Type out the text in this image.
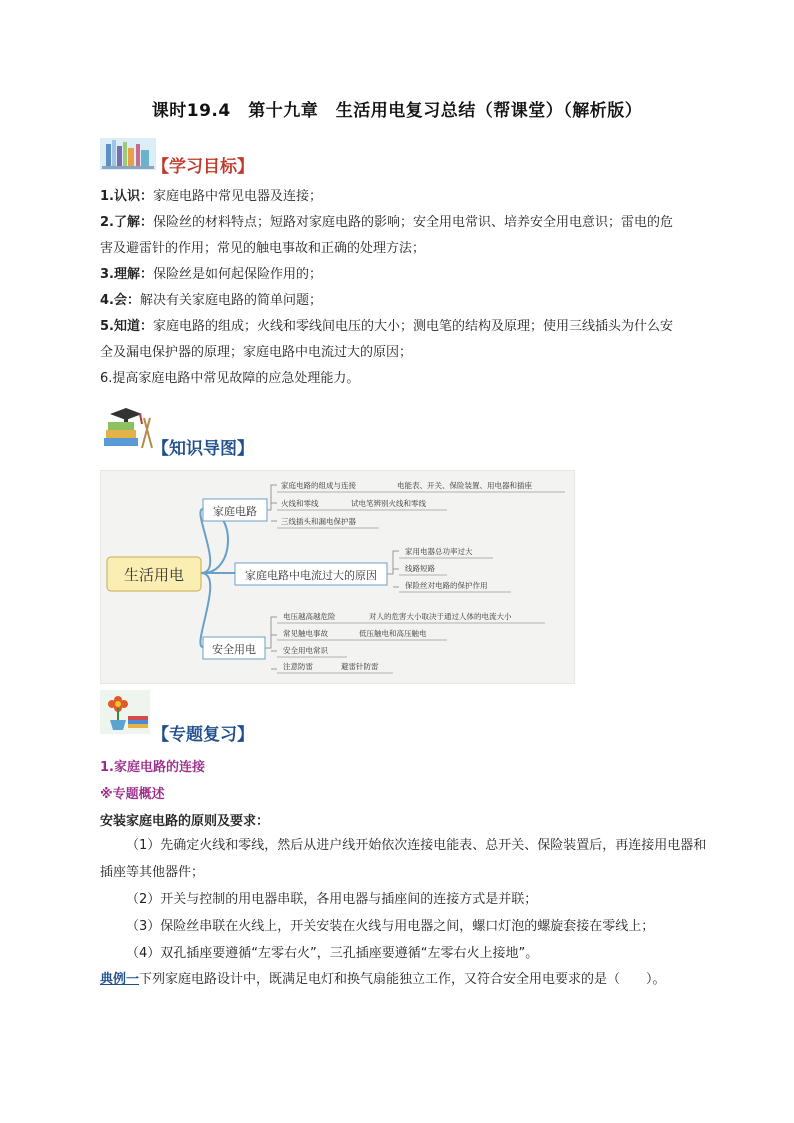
课时19.4　第十九章　生活用电复习总结（帮课堂）（解析版）
【学习目标】
1.认识：家庭电路中常见电器及连接；
2.了解：保险丝的材料特点；短路对家庭电路的影响；安全用电常识、培养安全用电意识；雷电的危
害及避雷针的作用；常见的触电事故和正确的处理方法；
3.理解：保险丝是如何起保险作用的；
4.会：解决有关家庭电路的简单问题；
5.知道：家庭电路的组成；火线和零线间电压的大小；测电笔的结构及原理；使用三线插头为什么安
全及漏电保护器的原理；家庭电路中电流过大的原因；
6.提高家庭电路中常见故障的应急处理能力。
【知识导图】
生活用电
家庭电路
家庭电路的组成与连接	电能表、开关、保险装置、用电器和插座
火线和零线	试电笔辨别火线和零线
三线插头和漏电保护器
家庭电路中电流过大的原因
家用电器总功率过大
线路短路
保险丝对电路的保护作用
安全用电
电压越高越危险	对人的危害大小取决于通过人体的电流大小
常见触电事故	低压触电和高压触电
安全用电常识
注意防雷	避雷针防雷
【专题复习】
1.家庭电路的连接
※专题概述
安装家庭电路的原则及要求：
（1）先确定火线和零线，然后从进户线开始依次连接电能表、总开关、保险装置后，再连接用电器和
插座等其他器件；
（2）开关与控制的用电器串联，各用电器与插座间的连接方式是并联；
（3）保险丝串联在火线上，开关安装在火线与用电器之间，螺口灯泡的螺旋套接在零线上；
（4）双孔插座要遵循“左零右火”，三孔插座要遵循“左零右火上接地”。
典例一下列家庭电路设计中，既满足电灯和换气扇能独立工作，又符合安全用电要求的是（　　）。
